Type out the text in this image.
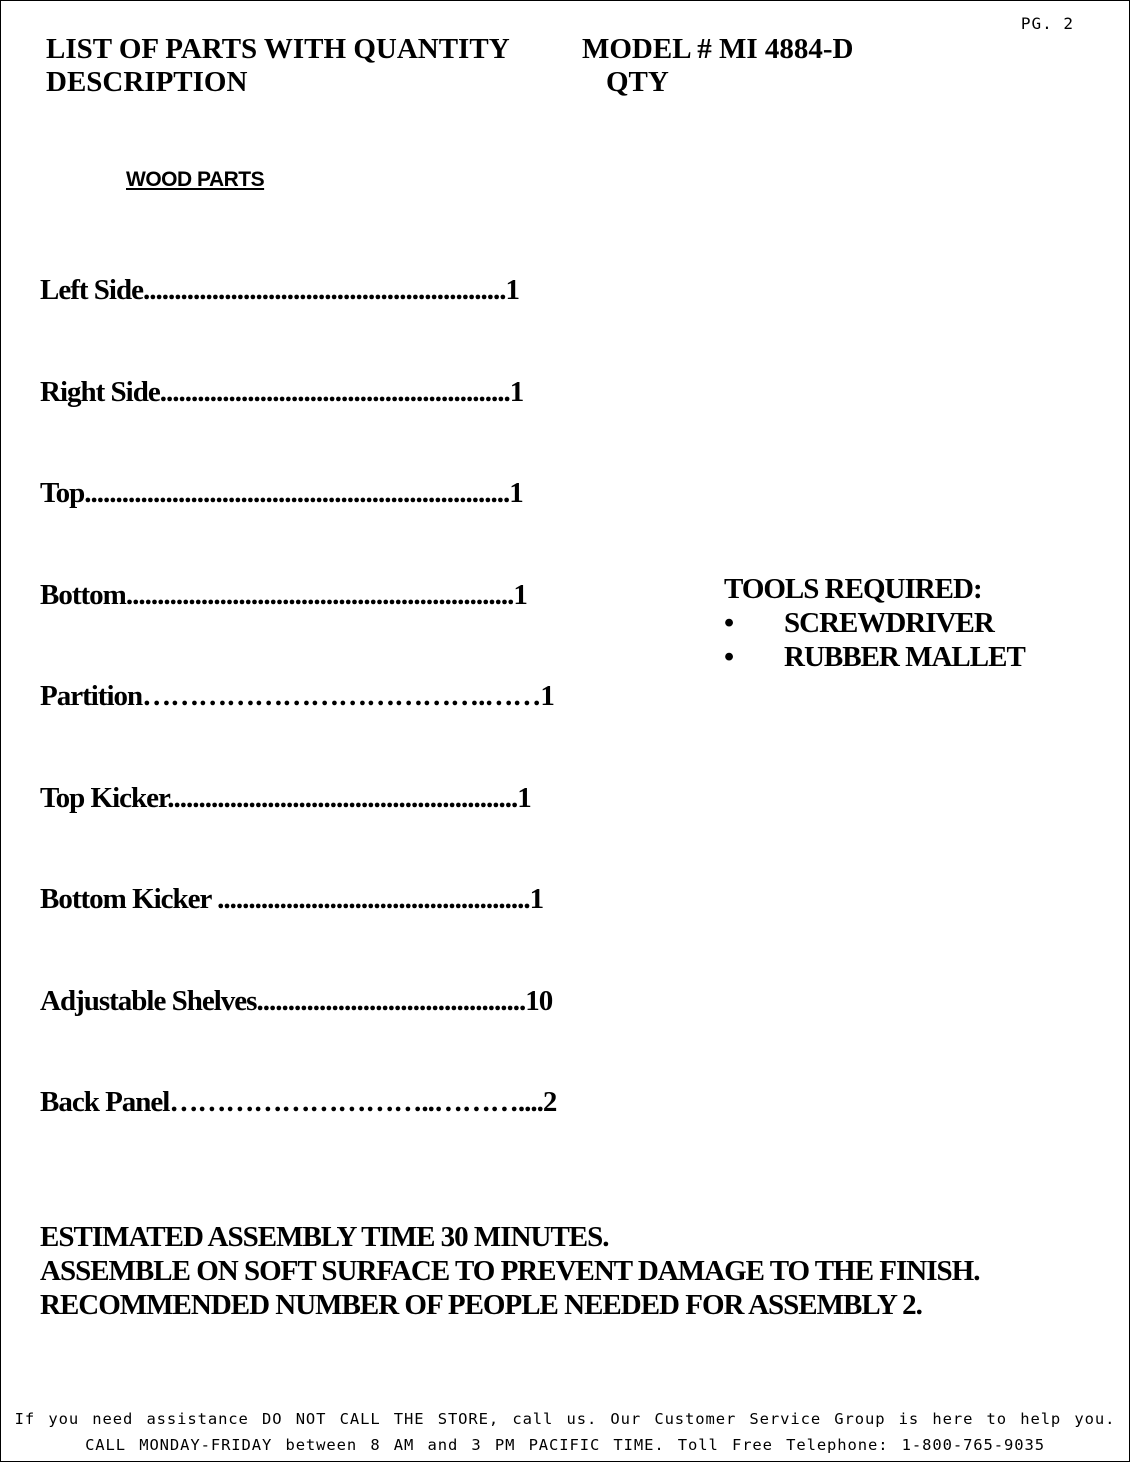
PG. 2
LIST OF PARTS WITH QUANTITY MODEL # MI 4884-D
DESCRIPTION	QTY
WOOD PARTS
Left Side..........................................................1
Right Side........................................................1
Top....................................................................1
Bottom..............................................................1
Partition……………………………….……1
Top Kicker........................................................1
Bottom Kicker ..................................................1
Adjustable Shelves...........................................10
Back Panel………………………..………....2
TOOLS REQUIRED:
•	SCREWDRIVER
•	RUBBER MALLET
ESTIMATED ASSEMBLY TIME 30 MINUTES.
ASSEMBLE ON SOFT SURFACE TO PREVENT DAMAGE TO THE FINISH.
RECOMMENDED NUMBER OF PEOPLE NEEDED FOR ASSEMBLY 2.
If you need assistance DO NOT CALL THE STORE, call us. Our Customer Service Group is here to help you.
CALL MONDAY-FRIDAY between 8 AM and 3 PM PACIFIC TIME. Toll Free Telephone: 1-800-765-9035
